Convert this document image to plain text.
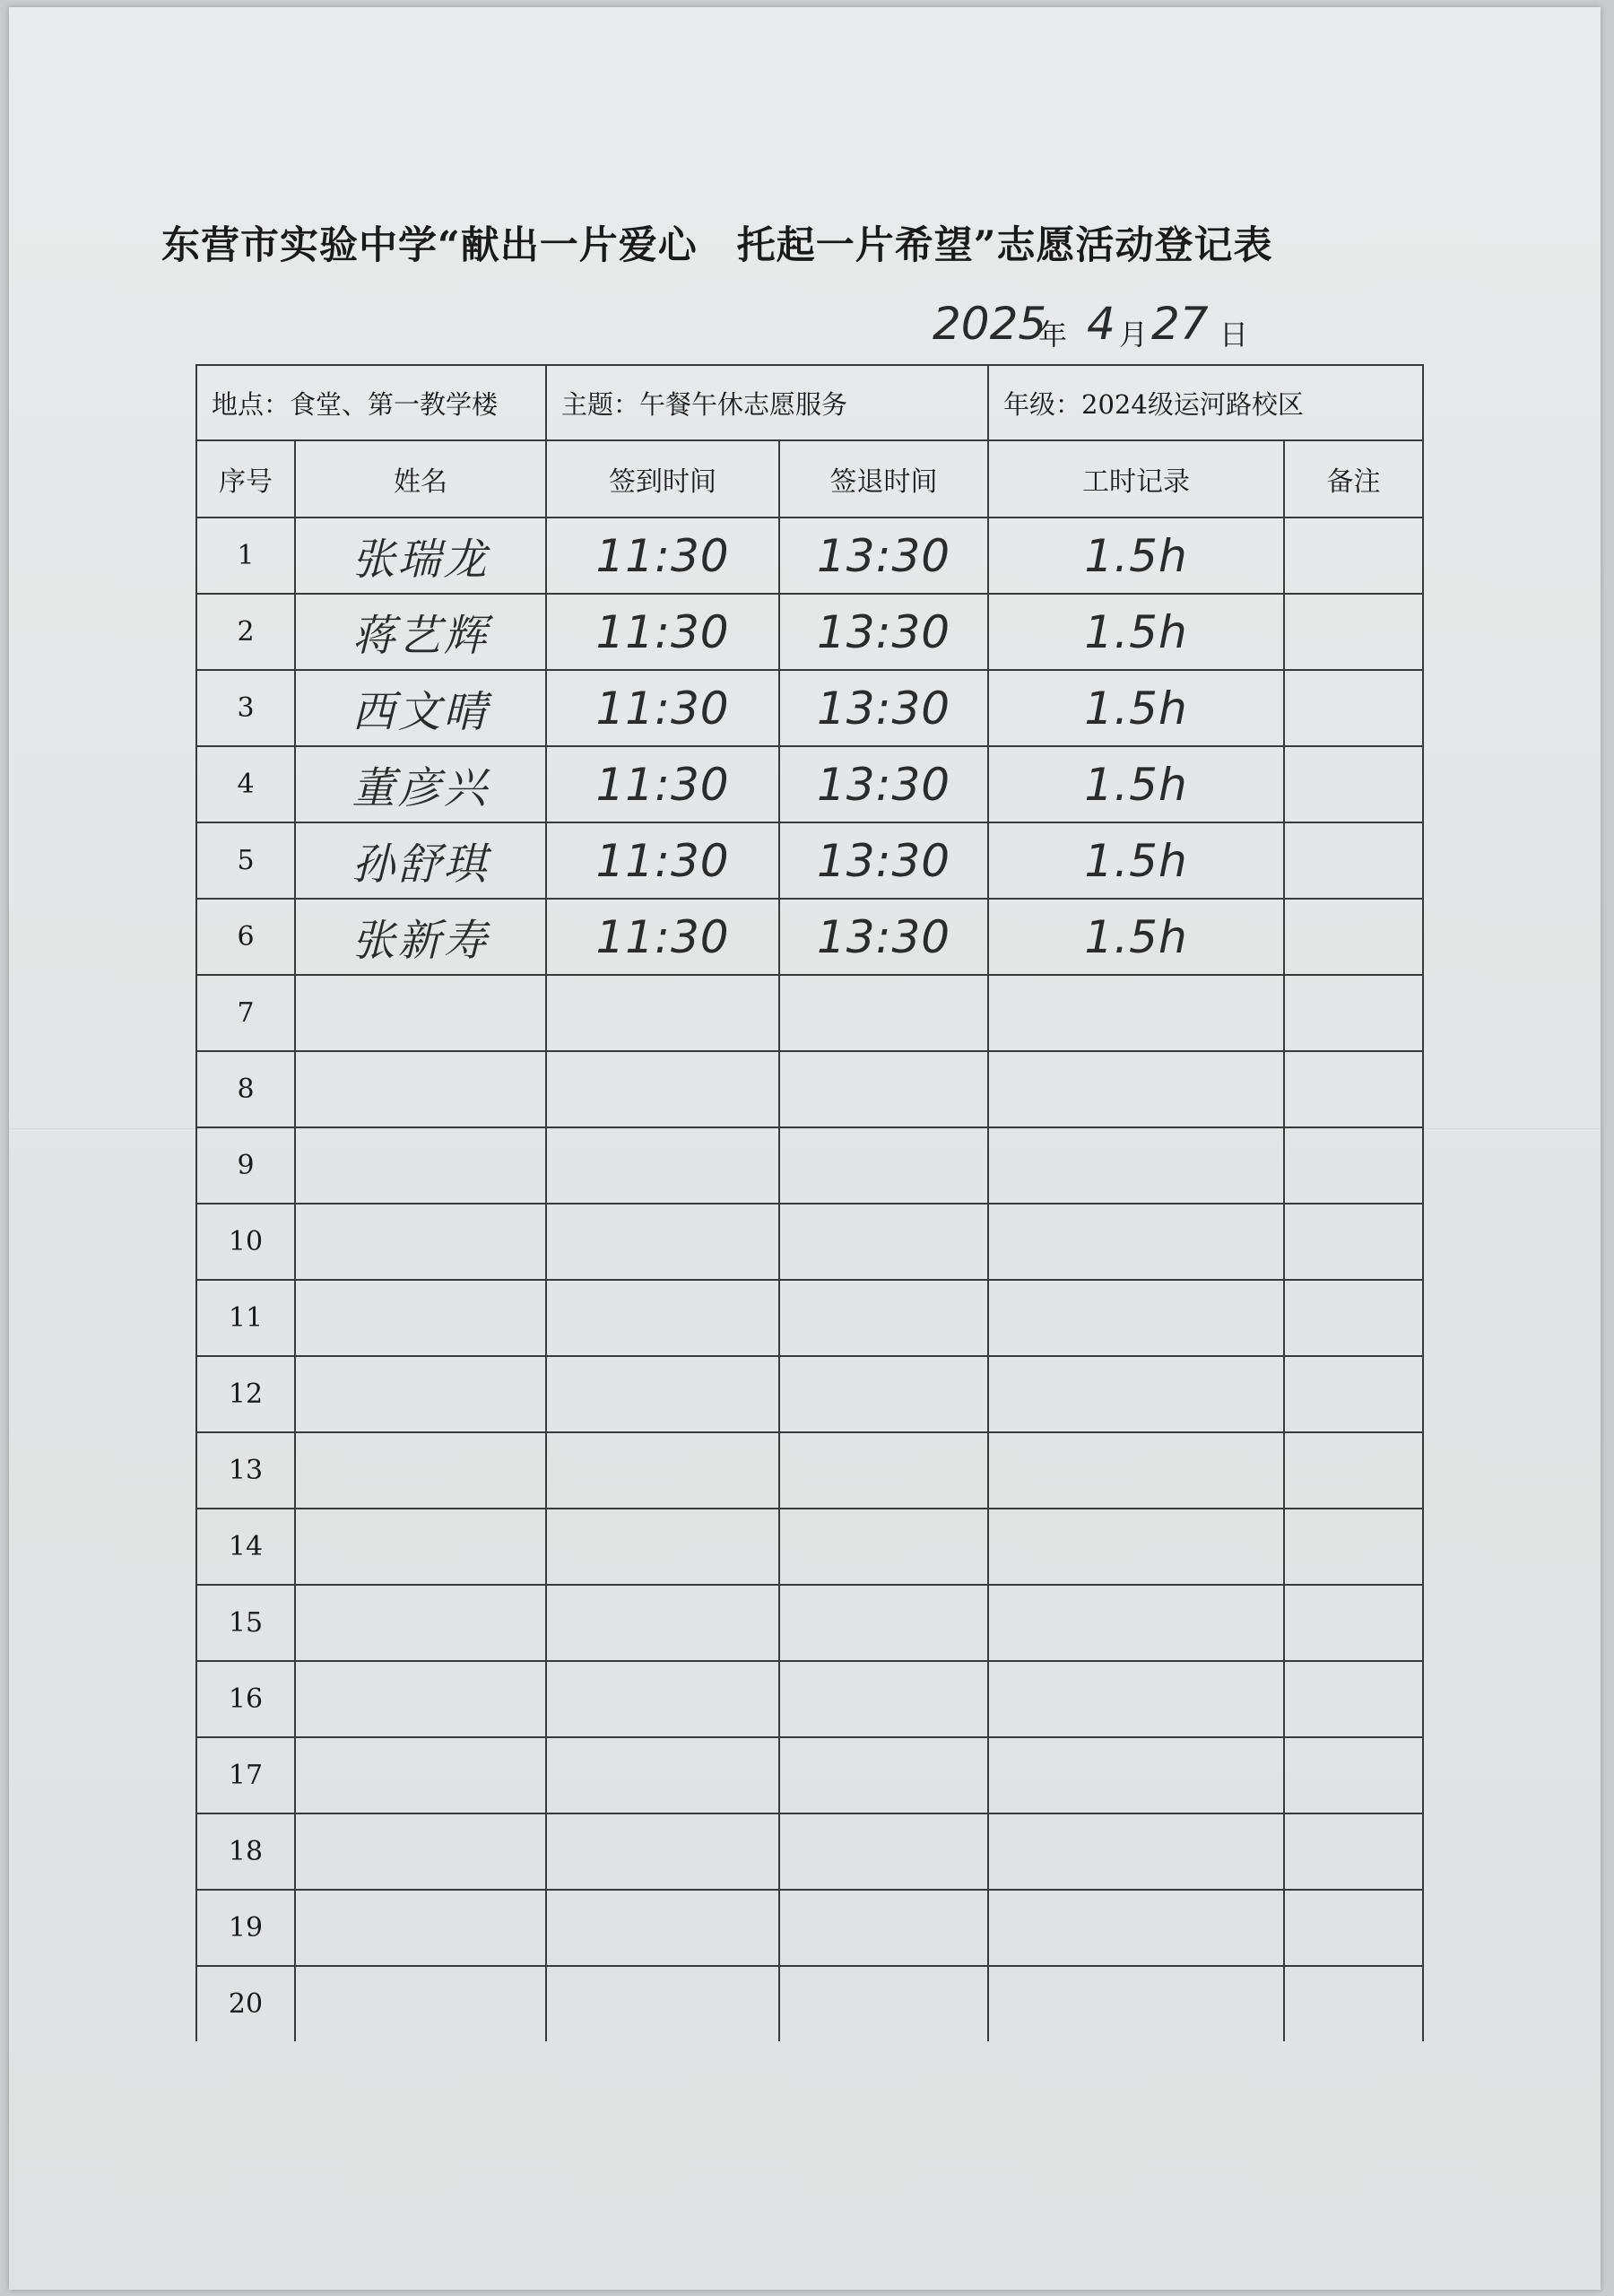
东营市实验中学“献出一片爱心　托起一片希望”志愿活动登记表
2025
年 4 月 27 日
地点：食堂、第一教学楼		主题：午餐午休志愿服务		年级：2024级运河路校区	
序号	姓名	签到时间	签退时间	工时记录	备注
1	张瑞龙	11:30	13:30	1.5h	
2	蒋艺辉	11:30	13:30	1.5h	
3	西文晴	11:30	13:30	1.5h	
4	董彦兴	11:30	13:30	1.5h	
5	孙舒琪	11:30	13:30	1.5h	
6	张新寿	11:30	13:30	1.5h	
7					
8					
9					
10					
11					
12					
13					
14					
15					
16					
17					
18					
19					
20					
